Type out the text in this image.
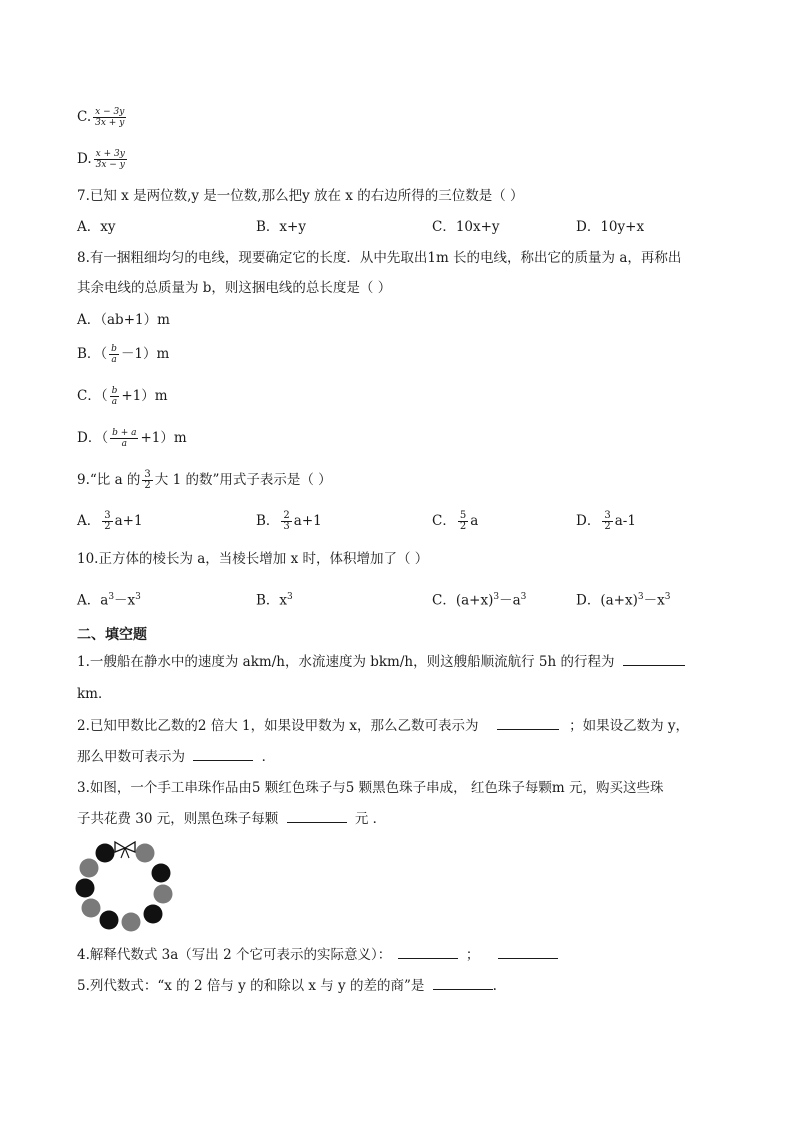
C. $\frac{x - 3y}{3x + y}$
D. $\frac{x + 3y}{3x - y}$
7.已知 x 是两位数,y 是一位数,那么把y 放在 x 的右边所得的三位数是（ ）
A．xy	B．x+y	C．10x+y	D．10y+x
8.有一捆粗细均匀的电线，现要确定它的长度．从中先取出1m 长的电线，称出它的质量为 a，再称出
其余电线的总质量为 b，则这捆电线的总长度是（ ）
A．（ab+1）m
B．（ $\frac{b}{a} -1)m$
C．（ $\frac{b}{a} +1)m$
D．（ $\frac{b + a}{a} +1)m$
9.“比 a 的 $\frac{3}{2}$ 大 1 的数”用式子表示是（ ）
A． $\frac{3}{2} a+1$	B． $\frac{2}{3} a+1$	C． $\frac{5}{2}$ a	D． $\frac{3}{2} a-1$
10.正方体的棱长为 a，当棱长增加 x 时，体积增加了（ ）
A．$a^3-x^3$	B．$x^3$	C．$(a+x)^3-a^3$	D．$(a+x)^3-x^3$
二、填空题
1.一艘船在静水中的速度为 akm/h，水流速度为 bkm/h，则这艘船顺流航行 5h 的行程为
km．
2.已知甲数比乙数的2 倍大 1，如果设甲数为 x，那么乙数可表示为	；如果设乙数为 y，
那么甲数可表示为	．
3.如图，一个手工串珠作品由5 颗红色珠子与5 颗黑色珠子串成， 红色珠子每颗m 元，购买这些珠
子共花费 30 元，则黑色珠子每颗	元 ．
4.解释代数式 3a（写出 2 个它可表示的实际意义）：	；
5.列代数式：“x 的 2 倍与 y 的和除以 x 与 y 的差的商”是	.
